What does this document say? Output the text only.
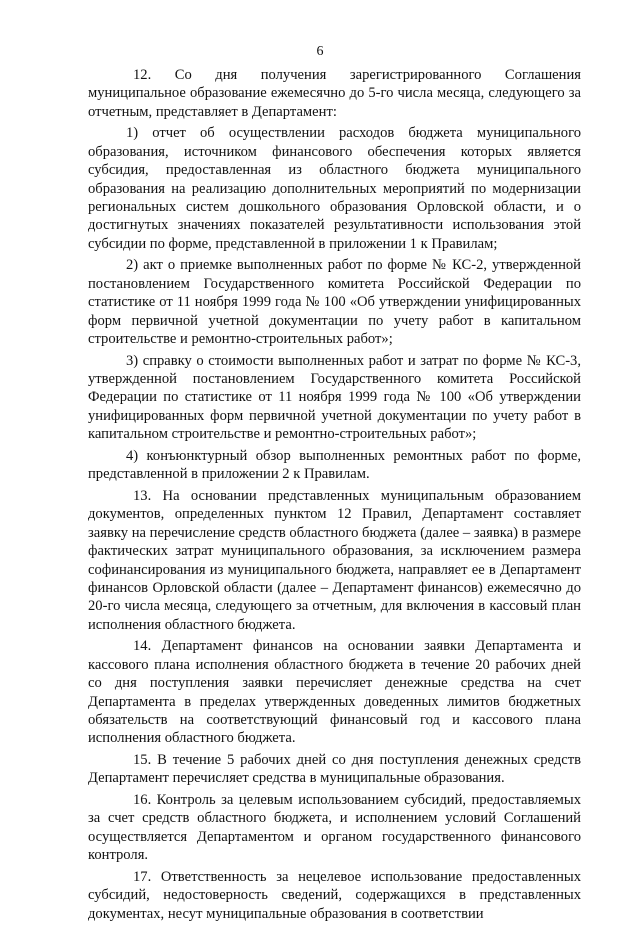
6

12. Со дня получения зарегистрированного Соглашения муниципальное образование ежемесячно до 5-го числа месяца, следующего за отчетным, представляет в Департамент:

1) отчет об осуществлении расходов бюджета муниципального образования, источником финансового обеспечения которых является субсидия, предоставленная из областного бюджета муниципального образования на реализацию дополнительных мероприятий по модернизации региональных систем дошкольного образования Орловской области, и о достигнутых значениях показателей результативности использования этой субсидии по форме, представленной в приложении 1 к Правилам;

2) акт о приемке выполненных работ по форме № КС-2, утвержденной постановлением Государственного комитета Российской Федерации по статистике от 11 ноября 1999 года № 100 «Об утверждении унифицированных форм первичной учетной документации по учету работ в капитальном строительстве и ремонтно-строительных работ»;

3) справку о стоимости выполненных работ и затрат по форме № КС-3, утвержденной постановлением Государственного комитета Российской Федерации по статистике от 11 ноября 1999 года № 100 «Об утверждении унифицированных форм первичной учетной документации по учету работ в капитальном строительстве и ремонтно-строительных работ»;

4) конъюнктурный обзор выполненных ремонтных работ по форме, представленной в приложении 2 к Правилам.

13. На основании представленных муниципальным образованием документов, определенных пунктом 12 Правил, Департамент составляет заявку на перечисление средств областного бюджета (далее – заявка) в размере фактических затрат муниципального образования, за исключением размера софинансирования из муниципального бюджета, направляет ее в Департамент финансов Орловской области (далее – Департамент финансов) ежемесячно до 20-го числа месяца, следующего за отчетным, для включения в кассовый план исполнения областного бюджета.

14. Департамент финансов на основании заявки Департамента и кассового плана исполнения областного бюджета в течение 20 рабочих дней со дня поступления заявки перечисляет денежные средства на счет Департамента в пределах утвержденных доведенных лимитов бюджетных обязательств на соответствующий финансовый год и кассового плана исполнения областного бюджета.

15. В течение 5 рабочих дней со дня поступления денежных средств Департамент перечисляет средства в муниципальные образования.

16. Контроль за целевым использованием субсидий, предоставляемых за счет средств областного бюджета, и исполнением условий Соглашений осуществляется Департаментом и органом государственного финансового контроля.

17. Ответственность за нецелевое использование предоставленных субсидий, недостоверность сведений, содержащихся в представленных документах, несут муниципальные образования в соответствии
